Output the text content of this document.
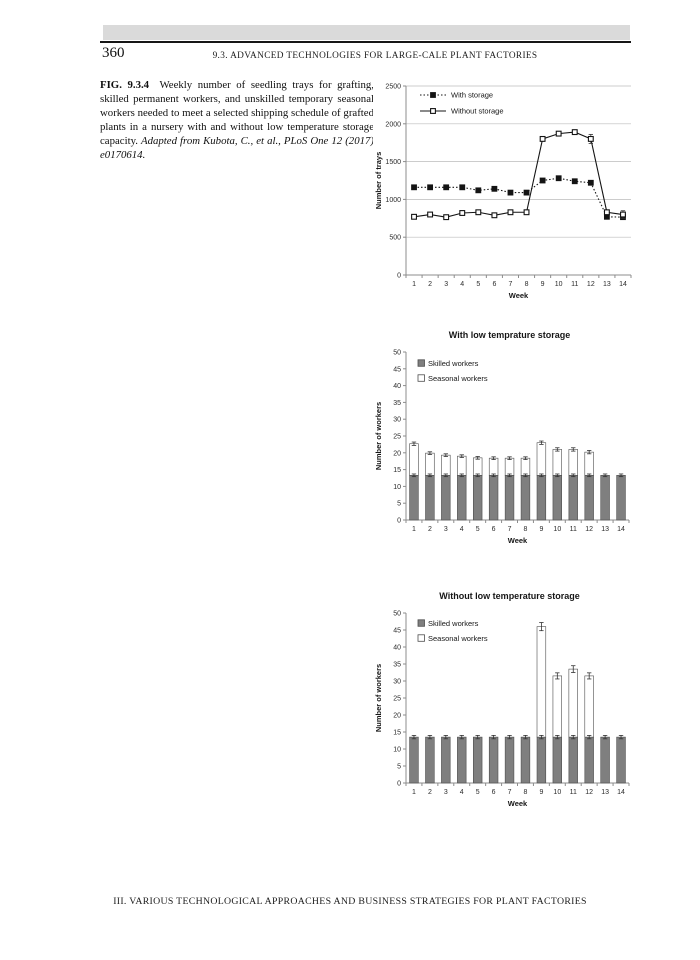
360	9.3. ADVANCED TECHNOLOGIES FOR LARGE-CALE PLANT FACTORIES
FIG. 9.3.4 Weekly number of seedling trays for grafting, skilled permanent workers, and unskilled temporary seasonal workers needed to meet a selected shipping schedule of grafted plants in a nursery with and without low temperature storage capacity. Adapted from Kubota, C., et al., PLoS One 12 (2017) e0170614.
0
500
1000
1500
2000
2500
1 2 3 4 5 6 7 8 9 10 11 12 13 14
Week
Number of trays
With storage
Without storage
With low temprature storage
0
5
10
15
20
25
30
35
40
45
50
1 2 3 4 5 6 7 8 9 10 11 12 13 14
Week
Number of workers
Skilled workers
Seasonal workers
Without low temperature storage
0
5
10
15
20
25
30
35
40
45
50
1 2 3 4 5 6 7 8 9 10 11 12 13 14
Week
Number of workers
Skilled workers
Seasonal workers
III. VARIOUS TECHNOLOGICAL APPROACHES AND BUSINESS STRATEGIES FOR PLANT FACTORIES
